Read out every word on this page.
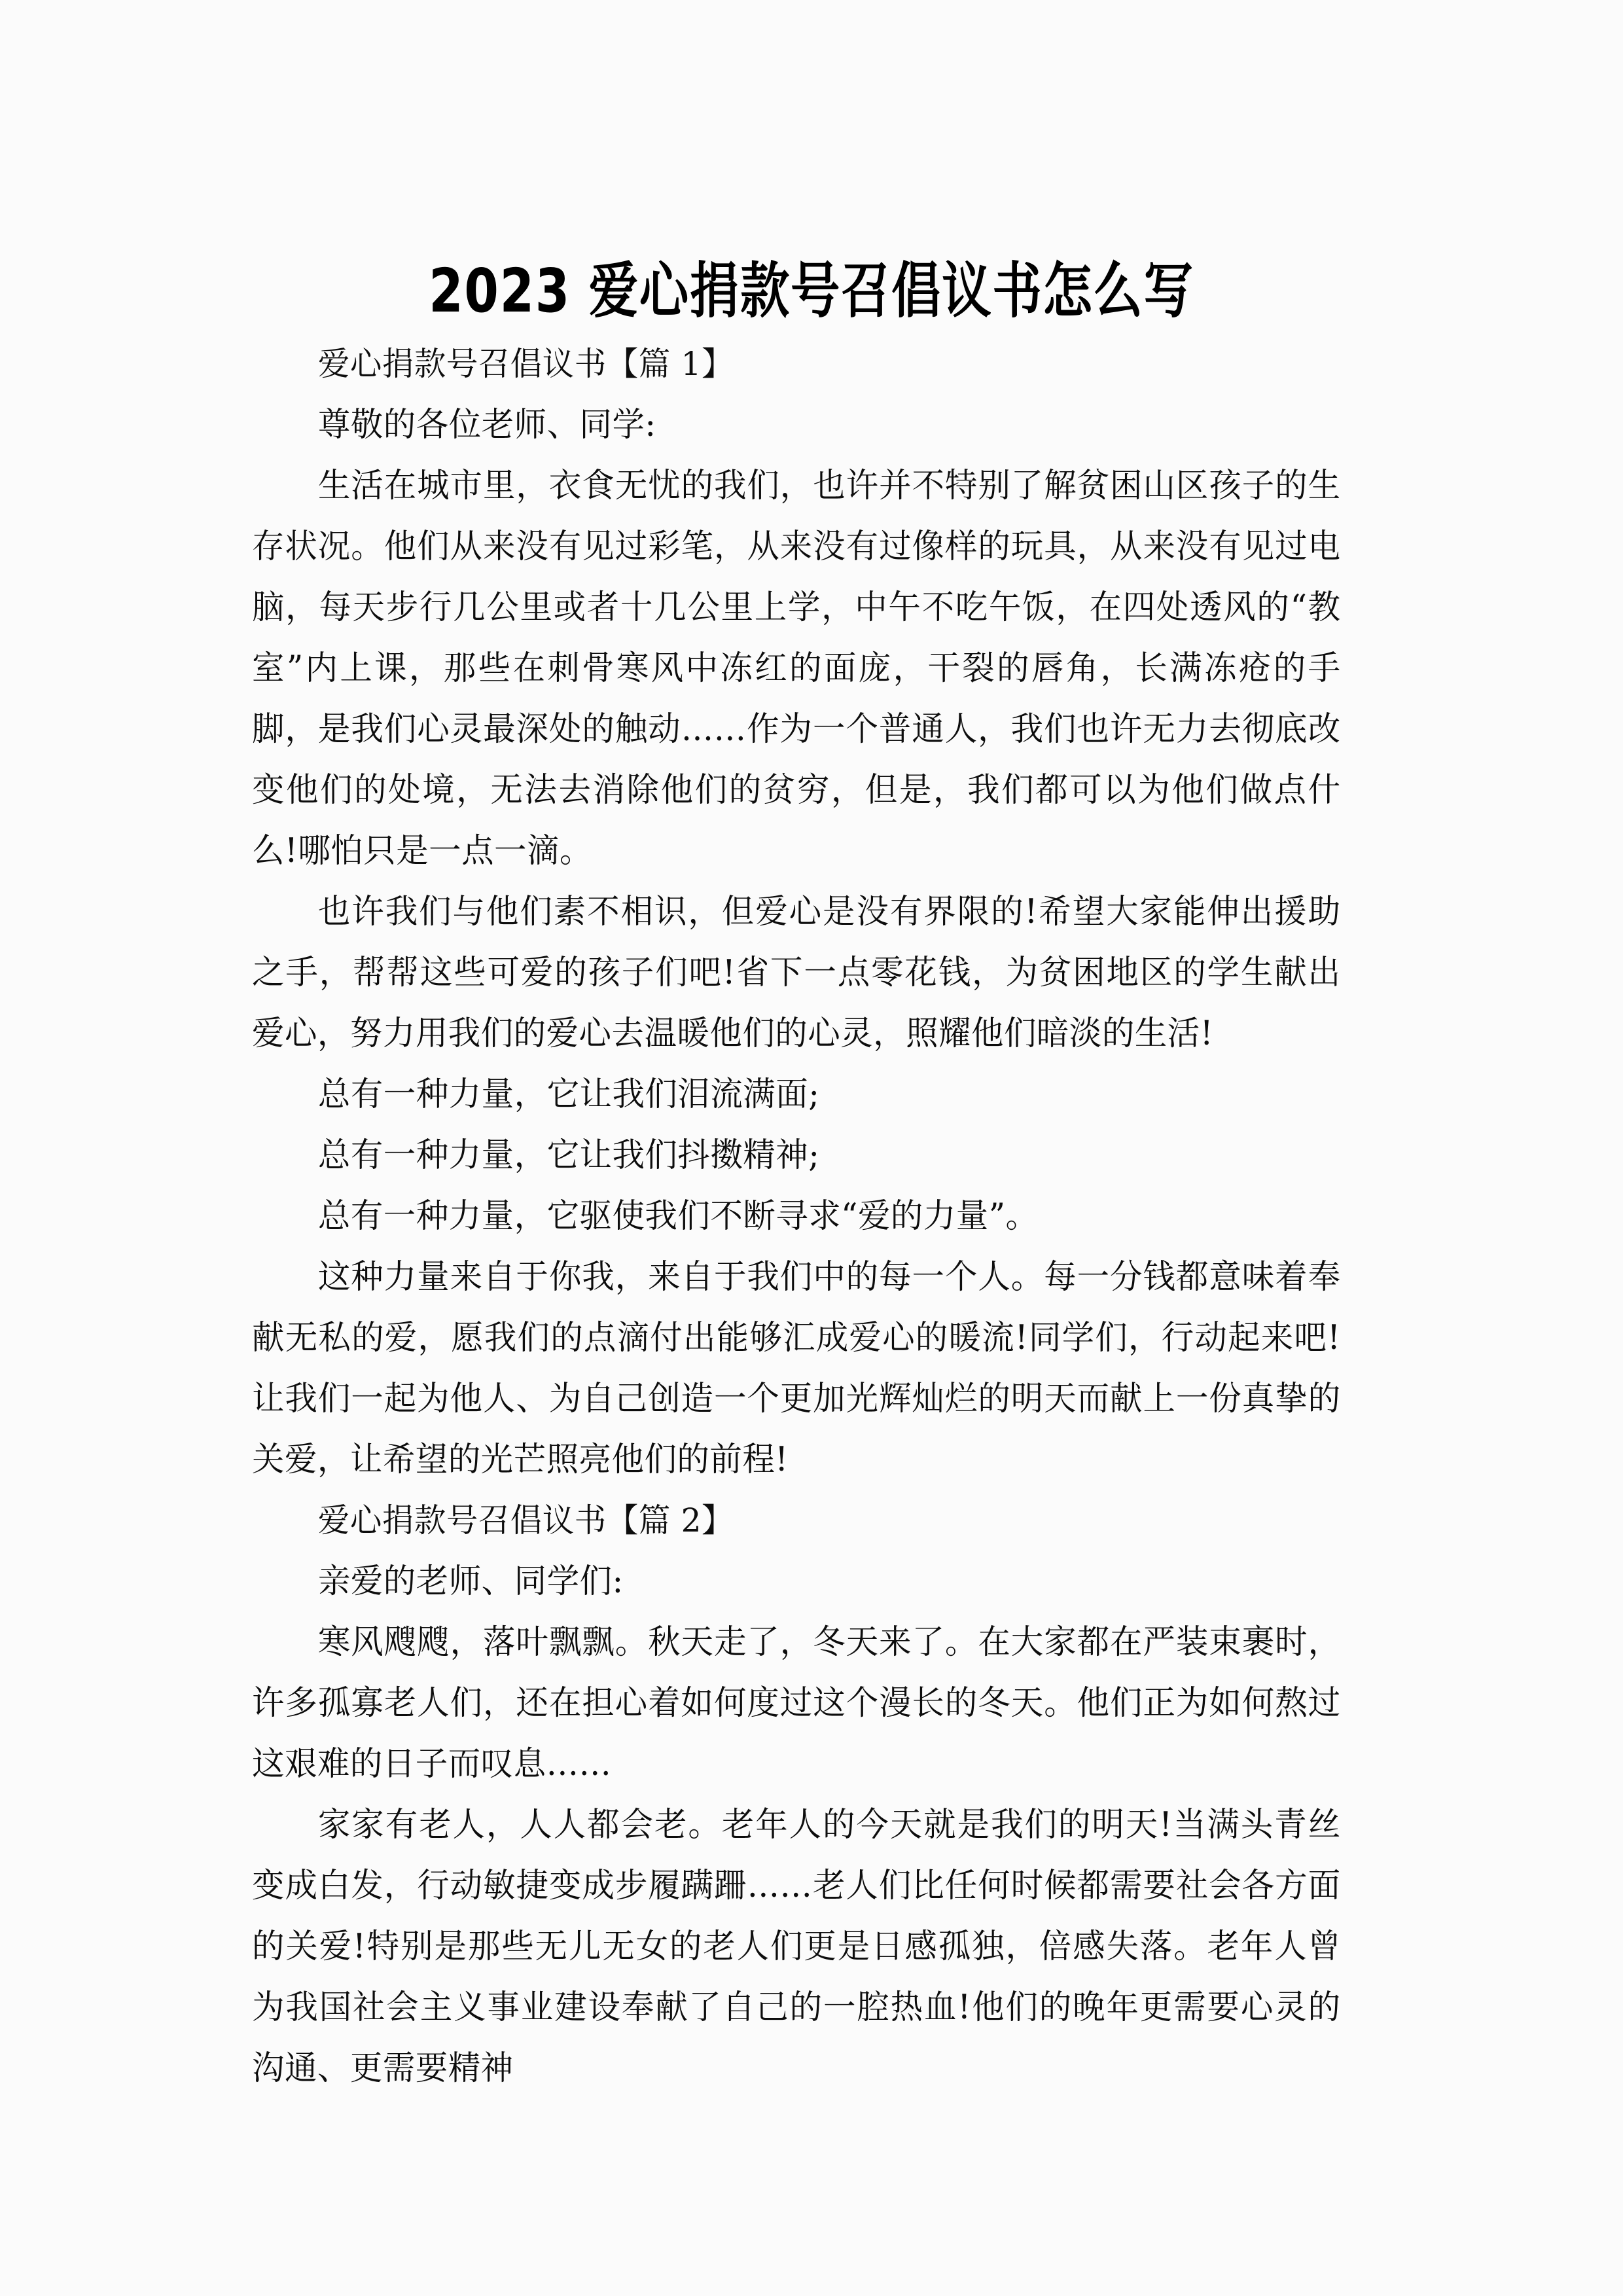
2023 爱心捐款号召倡议书怎么写

爱心捐款号召倡议书【篇 1】

尊敬的各位老师、同学:

生活在城市里，衣食无忧的我们，也许并不特别了解贫困山区孩子的生存状况。他们从来没有见过彩笔，从来没有过像样的玩具，从来没有见过电脑，每天步行几公里或者十几公里上学，中午不吃午饭，在四处透风的“教室”内上课，那些在刺骨寒风中冻红的面庞，干裂的唇角，长满冻疮的手脚，是我们心灵最深处的触动……作为一个普通人，我们也许无力去彻底改变他们的处境，无法去消除他们的贫穷，但是，我们都可以为他们做点什么!哪怕只是一点一滴。

也许我们与他们素不相识，但爱心是没有界限的!希望大家能伸出援助之手，帮帮这些可爱的孩子们吧!省下一点零花钱，为贫困地区的学生献出爱心，努力用我们的爱心去温暖他们的心灵，照耀他们暗淡的生活!

总有一种力量，它让我们泪流满面;

总有一种力量，它让我们抖擞精神;

总有一种力量，它驱使我们不断寻求“爱的力量”。

这种力量来自于你我，来自于我们中的每一个人。每一分钱都意味着奉献无私的爱，愿我们的点滴付出能够汇成爱心的暖流!同学们，行动起来吧!让我们一起为他人、为自己创造一个更加光辉灿烂的明天而献上一份真挚的关爱，让希望的光芒照亮他们的前程!

爱心捐款号召倡议书【篇 2】

亲爱的老师、同学们:

寒风飕飕，落叶飘飘。秋天走了，冬天来了。在大家都在严装束裹时，许多孤寡老人们，还在担心着如何度过这个漫长的冬天。他们正为如何熬过这艰难的日子而叹息……

家家有老人，人人都会老。老年人的今天就是我们的明天!当满头青丝变成白发，行动敏捷变成步履蹒跚……老人们比任何时候都需要社会各方面的关爱!特别是那些无儿无女的老人们更是日感孤独，倍感失落。老年人曾为我国社会主义事业建设奉献了自己的一腔热血!他们的晚年更需要心灵的沟通、更需要精神
